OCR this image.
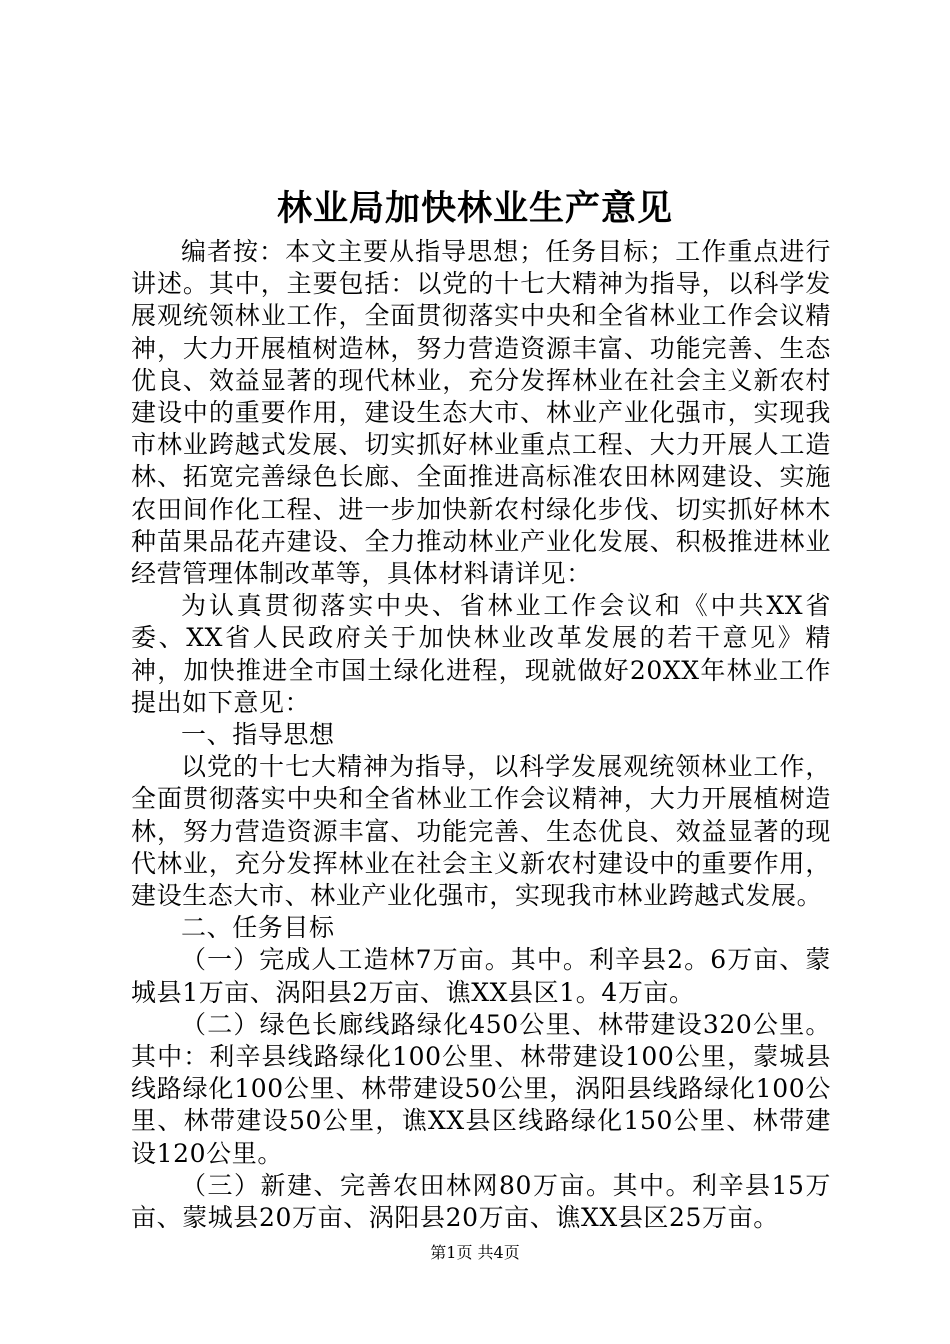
林业局加快林业生产意见

编者按：本文主要从指导思想；任务目标；工作重点进行讲述。其中，主要包括：以党的十七大精神为指导，以科学发展观统领林业工作，全面贯彻落实中央和全省林业工作会议精神，大力开展植树造林，努力营造资源丰富、功能完善、生态优良、效益显著的现代林业，充分发挥林业在社会主义新农村建设中的重要作用，建设生态大市、林业产业化强市，实现我市林业跨越式发展、切实抓好林业重点工程、大力开展人工造林、拓宽完善绿色长廊、全面推进高标准农田林网建设、实施农田间作化工程、进一步加快新农村绿化步伐、切实抓好林木种苗果品花卉建设、全力推动林业产业化发展、积极推进林业经营管理体制改革等，具体材料请详见：

为认真贯彻落实中央、省林业工作会议和《中共XX省委、XX省人民政府关于加快林业改革发展的若干意见》精神，加快推进全市国土绿化进程，现就做好20XX年林业工作提出如下意见：

一、指导思想

以党的十七大精神为指导，以科学发展观统领林业工作，全面贯彻落实中央和全省林业工作会议精神，大力开展植树造林，努力营造资源丰富、功能完善、生态优良、效益显著的现代林业，充分发挥林业在社会主义新农村建设中的重要作用，建设生态大市、林业产业化强市，实现我市林业跨越式发展。

二、任务目标

（一）完成人工造林7万亩。其中。利辛县2。6万亩、蒙城县1万亩、涡阳县2万亩、谯XX县区1。4万亩。

（二）绿色长廊线路绿化450公里、林带建设320公里。其中：利辛县线路绿化100公里、林带建设100公里，蒙城县线路绿化100公里、林带建设50公里，涡阳县线路绿化100公里、林带建设50公里，谯XX县区线路绿化150公里、林带建设120公里。

（三）新建、完善农田林网80万亩。其中。利辛县15万亩、蒙城县20万亩、涡阳县20万亩、谯XX县区25万亩。

第1页 共4页
